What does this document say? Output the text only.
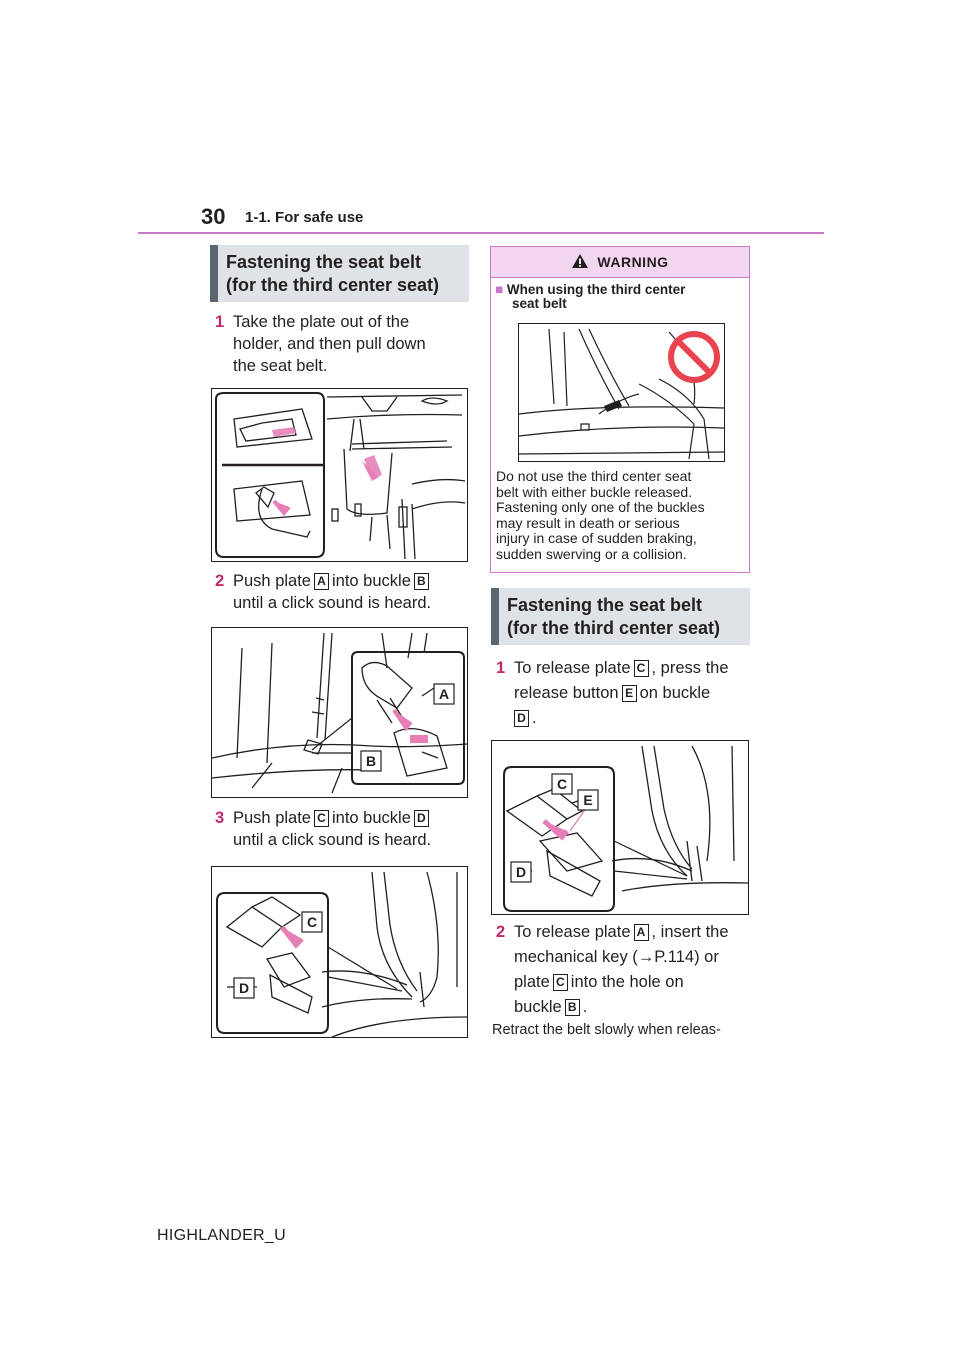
30 1-1. For safe use
Fastening the seat belt
(for the third center seat)
1 Take the plate out of the
holder, and then pull down
the seat belt.
2 Push plate A into buckle B
until a click sound is heard.
A
B
3 Push plate C into buckle D
until a click sound is heard.
C
D
WARNING
■ When using the third center
seat belt
Do not use the third center seat
belt with either buckle released.
Fastening only one of the buckles
may result in death or serious
injury in case of sudden braking,
sudden swerving or a collision.
Fastening the seat belt
(for the third center seat)
1 To release plate C , press the
release button E on buckle
D .
C
E
D
2 To release plate A , insert the
mechanical key (→P.114) or
plate C into the hole on
buckle B .
Retract the belt slowly when releas-
HIGHLANDER_U
